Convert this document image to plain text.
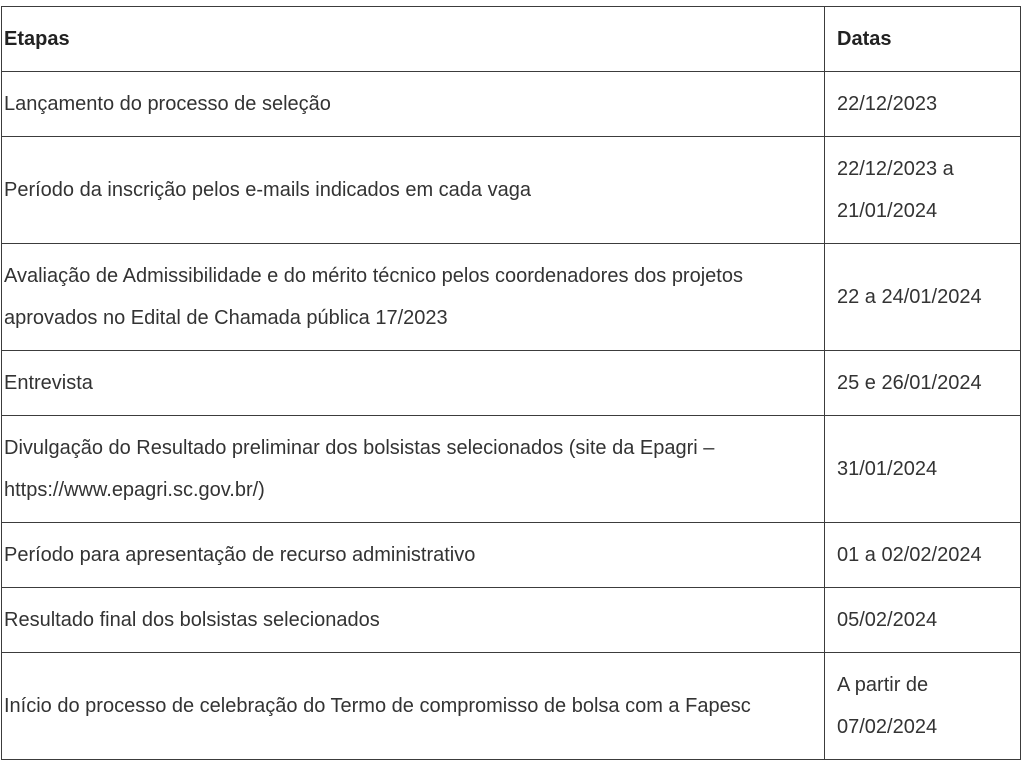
Etapas	Datas
Lançamento do processo de seleção	22/12/2023
Período da inscrição pelos e-mails indicados em cada vaga	22/12/2023 a 21/01/2024
Avaliação de Admissibilidade e do mérito técnico pelos coordenadores dos projetos aprovados no Edital de Chamada pública 17/2023	22 a 24/01/2024
Entrevista	25 e 26/01/2024
Divulgação do Resultado preliminar dos bolsistas selecionados (site da Epagri – https://www.epagri.sc.gov.br/)	31/01/2024
Período para apresentação de recurso administrativo	01 a 02/02/2024
Resultado final dos bolsistas selecionados	05/02/2024
Início do processo de celebração do Termo de compromisso de bolsa com a Fapesc	A partir de 07/02/2024
